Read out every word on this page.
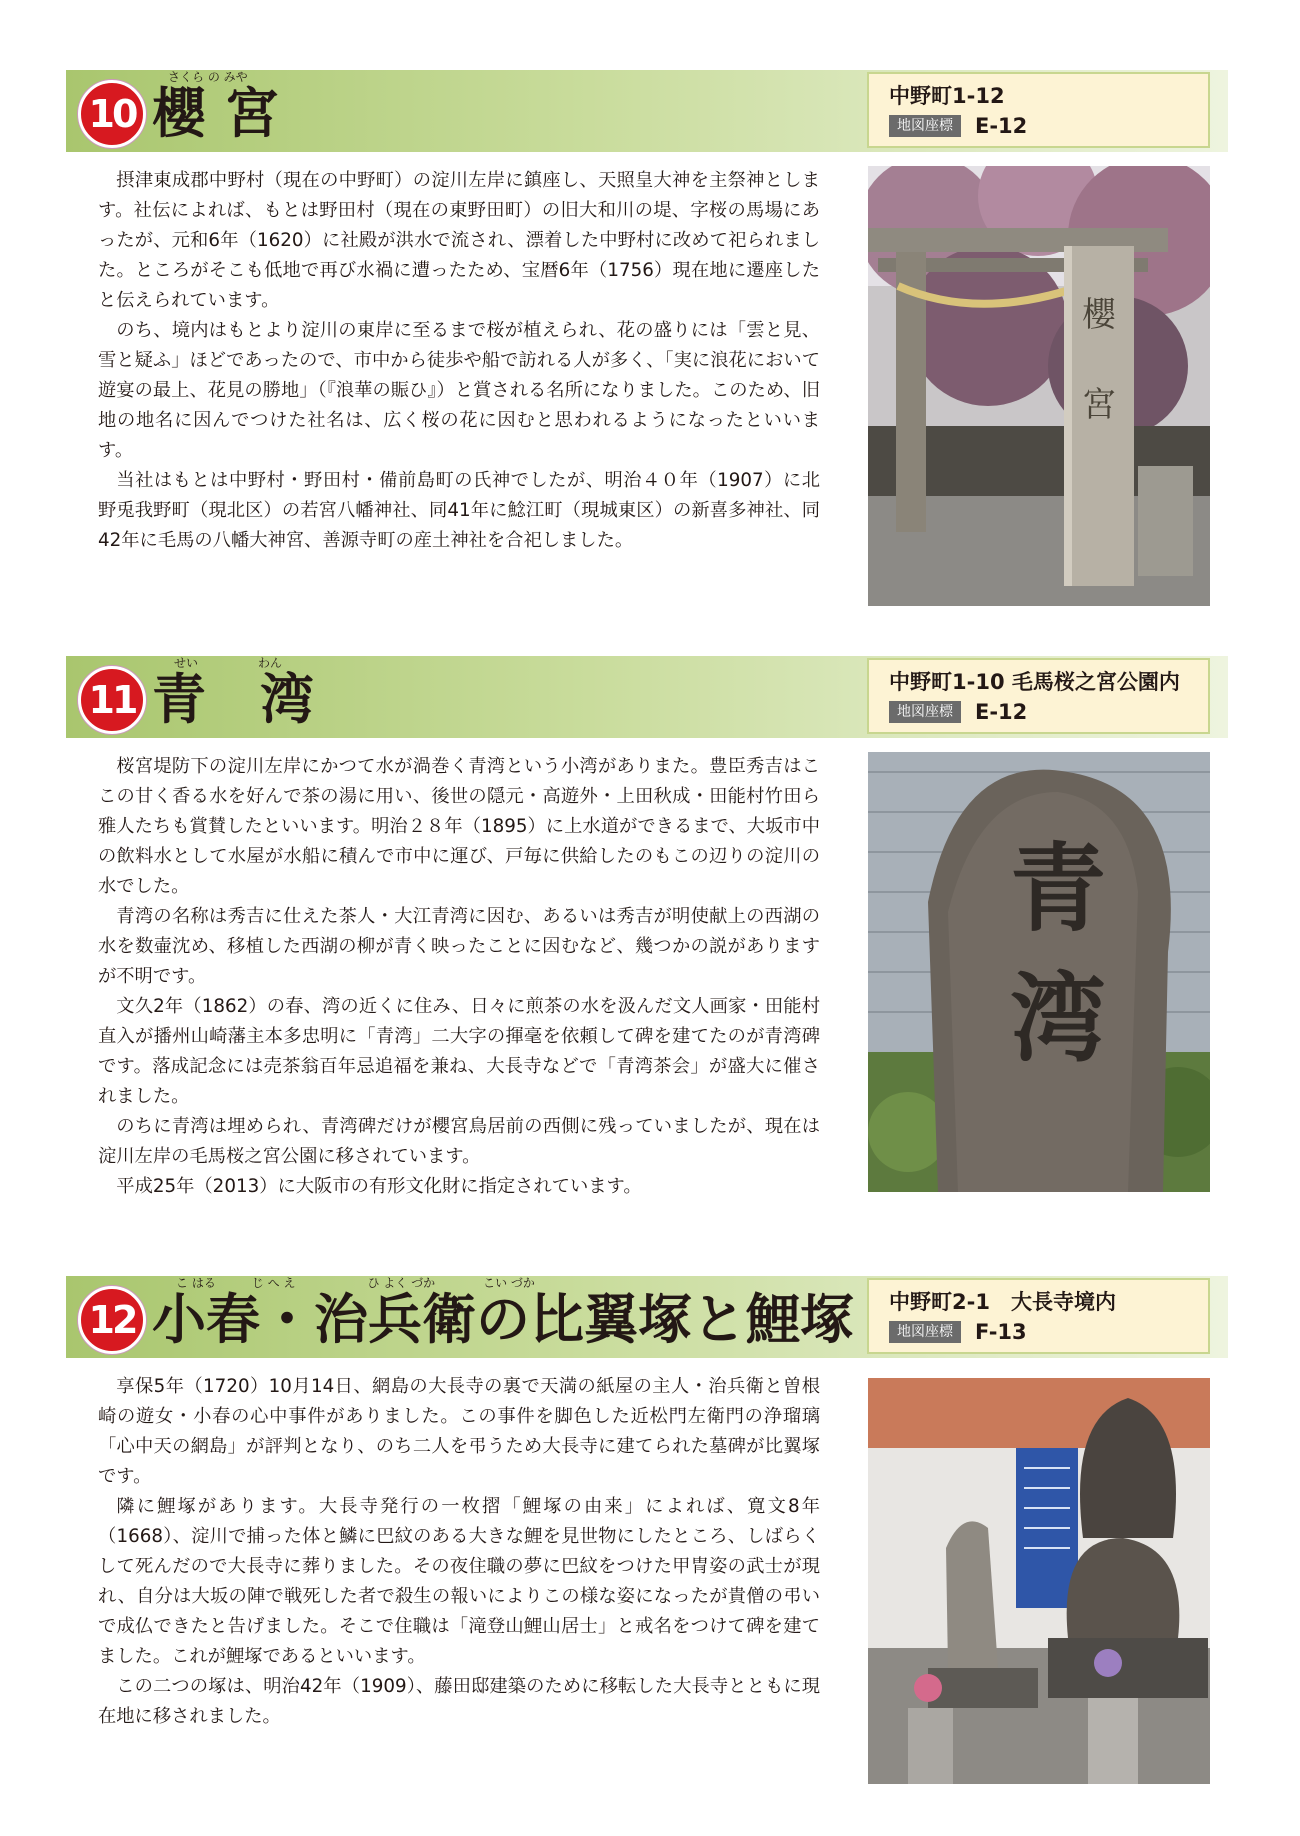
10
さくら の みや
櫻 宮	中野町1-12
地図座標	E-12

摂津東成郡中野村（現在の中野町）の淀川左岸に鎮座し、天照皇大神を主祭神とします。社伝によれば、もとは野田村（現在の東野田町）の旧大和川の堤、字桜の馬場にあったが、元和6年（1620）に社殿が洪水で流され、漂着した中野村に改めて祀られました。ところがそこも低地で再び水禍に遭ったため、宝暦6年（1756）現在地に遷座したと伝えられています。

のち、境内はもとより淀川の東岸に至るまで桜が植えられ、花の盛りには「雲と見、雪と疑ふ」ほどであったので、市中から徒歩や船で訪れる人が多く、「実に浪花において遊宴の最上、花見の勝地」（『浪華の賑ひ』）と賞される名所になりました。このため、旧地の地名に因んでつけた社名は、広く桜の花に因むと思われるようになったといいます。

当社はもとは中野村・野田村・備前島町の氏神でしたが、明治４０年（1907）に北野兎我野町（現北区）の若宮八幡神社、同41年に鯰江町（現城東区）の新喜多神社、同42年に毛馬の八幡大神宮、善源寺町の産土神社を合祀しました。

櫻
宮
11
せい　　　　　わん
青　湾	中野町1-10 毛馬桜之宮公園内
地図座標	E-12

桜宮堤防下の淀川左岸にかつて水が渦巻く青湾という小湾がありまた。豊臣秀吉はここの甘く香る水を好んで茶の湯に用い、後世の隠元・高遊外・上田秋成・田能村竹田ら雅人たちも賞賛したといいます。明治２８年（1895）に上水道ができるまで、大坂市中の飲料水として水屋が水船に積んで市中に運び、戸毎に供給したのもこの辺りの淀川の水でした。

青湾の名称は秀吉に仕えた茶人・大江青湾に因む、あるいは秀吉が明使献上の西湖の水を数壷沈め、移植した西湖の柳が青く映ったことに因むなど、幾つかの説がありますが不明です。

文久2年（1862）の春、湾の近くに住み、日々に煎茶の水を汲んだ文人画家・田能村直入が播州山崎藩主本多忠明に「青湾」二大字の揮毫を依頼して碑を建てたのが青湾碑です。落成記念には売茶翁百年忌追福を兼ね、大長寺などで「青湾茶会」が盛大に催されました。

のちに青湾は埋められ、青湾碑だけが櫻宮鳥居前の西側に残っていましたが、現在は淀川左岸の毛馬桜之宮公園に移されています。

平成25年（2013）に大阪市の有形文化財に指定されています。

青
湾
12
こ はる　　　じ へ え　　　　　　ひ よく づか　　　　こい づか
小春・治兵衛の比翼塚と鯉塚 中野町2-1　大長寺境内
地図座標	F-13

享保5年（1720）10月14日、網島の大長寺の裏で天満の紙屋の主人・治兵衛と曽根崎の遊女・小春の心中事件がありました。この事件を脚色した近松門左衛門の浄瑠璃「心中天の網島」が評判となり、のち二人を弔うため大長寺に建てられた墓碑が比翼塚です。

隣に鯉塚があります。大長寺発行の一枚摺「鯉塚の由来」によれば、寛文8年（1668）、淀川で捕った体と鱗に巴紋のある大きな鯉を見世物にしたところ、しばらくして死んだので大長寺に葬りました。その夜住職の夢に巴紋をつけた甲冑姿の武士が現れ、自分は大坂の陣で戦死した者で殺生の報いによりこの様な姿になったが貴僧の弔いで成仏できたと告げました。そこで住職は「滝登山鯉山居士」と戒名をつけて碑を建てました。これが鯉塚であるといいます。

この二つの塚は、明治42年（1909）、藤田邸建築のために移転した大長寺とともに現在地に移されました。
